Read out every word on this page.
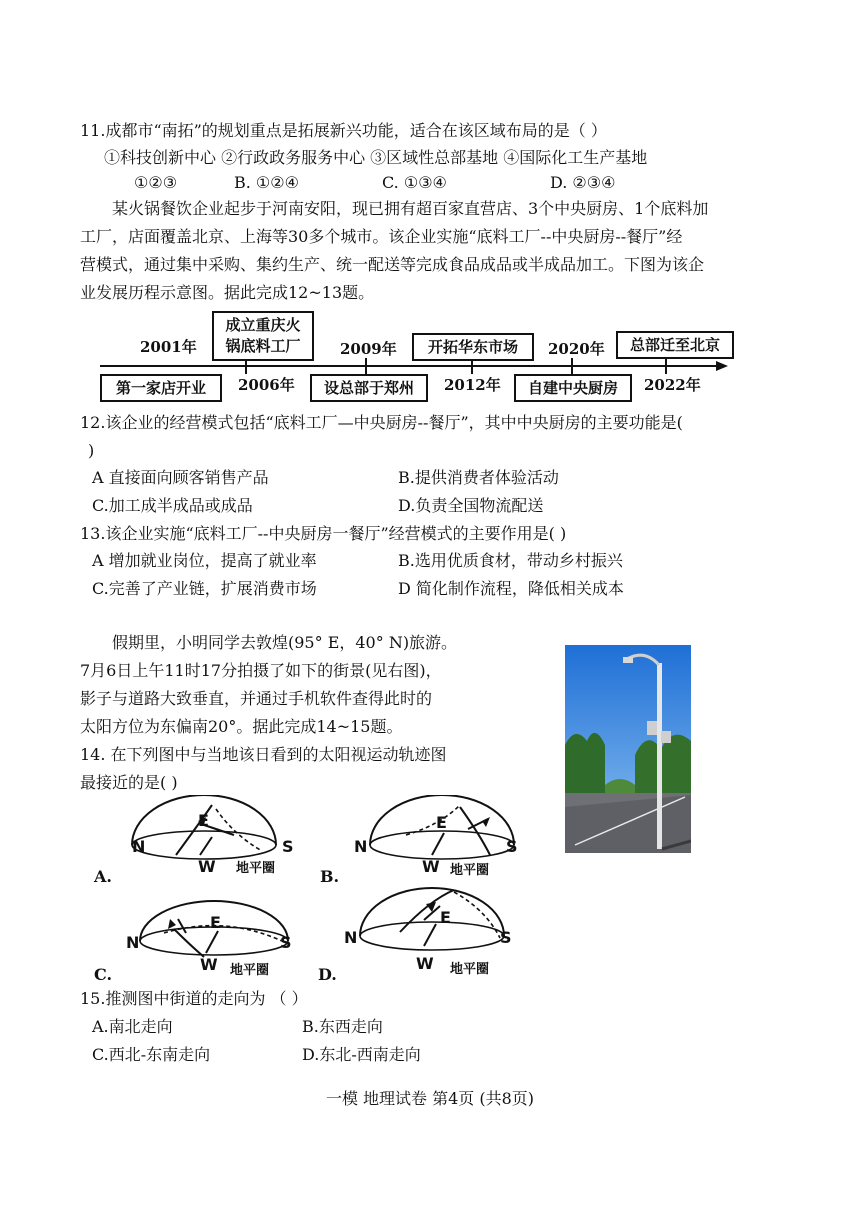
11.成都市“南拓”的规划重点是拓展新兴功能，适合在该区域布局的是（ ）
①科技创新中心 ②行政政务服务中心 ③区域性总部基地 ④国际化工生产基地
①②③	B. ①②④	C. ①③④	D. ②③④
某火锅餐饮企业起步于河南安阳，现已拥有超百家直营店、3个中央厨房、1个底料加
工厂，店面覆盖北京、上海等30多个城市。该企业实施“底料工厂--中央厨房--餐厅”经
营模式，通过集中采购、集约生产、统一配送等完成食品成品或半成品加工。下图为该企
业发展历程示意图。据此完成12~13题。
2001年
第一家店开业	2006年
成立重庆火
锅底料工厂	2009年
设总部于郑州	2012年
开拓华东市场	2020年
自建中央厨房	2022年
总部迁至北京
12.该企业的经营模式包括“底料工厂—中央厨房--餐厅”，其中中央厨房的主要功能是(
)
A 直接面向顾客销售产品	B.提供消费者体验活动
C.加工成半成品或成品	D.负责全国物流配送
13.该企业实施“底料工厂--中央厨房一餐厅”经营模式的主要作用是( )
A 增加就业岗位，提高了就业率	B.选用优质食材，带动乡村振兴
C.完善了产业链，扩展消费市场	D 简化制作流程，降低相关成本
假期里，小明同学去敦煌(95° E，40° N)旅游。
7月6日上午11时17分拍摄了如下的街景(见右图)，
影子与道路大致垂直，并通过手机软件查得此时的
太阳方位为东偏南20°。据此完成14~15题。
14. 在下列图中与当地该日看到的太阳视运动轨迹图
最接近的是( )
N	S
E
W 地平圈
A.
N	S
E
W 地平圈
B.
N	S
E
W 地平圈
C.
N	S
E
W 地平圈
D.
15.推测图中街道的走向为 （ ）
A.南北走向	B.东西走向
C.西北-东南走向	D.东北-西南走向
一模 地理试卷 第4页 (共8页)
